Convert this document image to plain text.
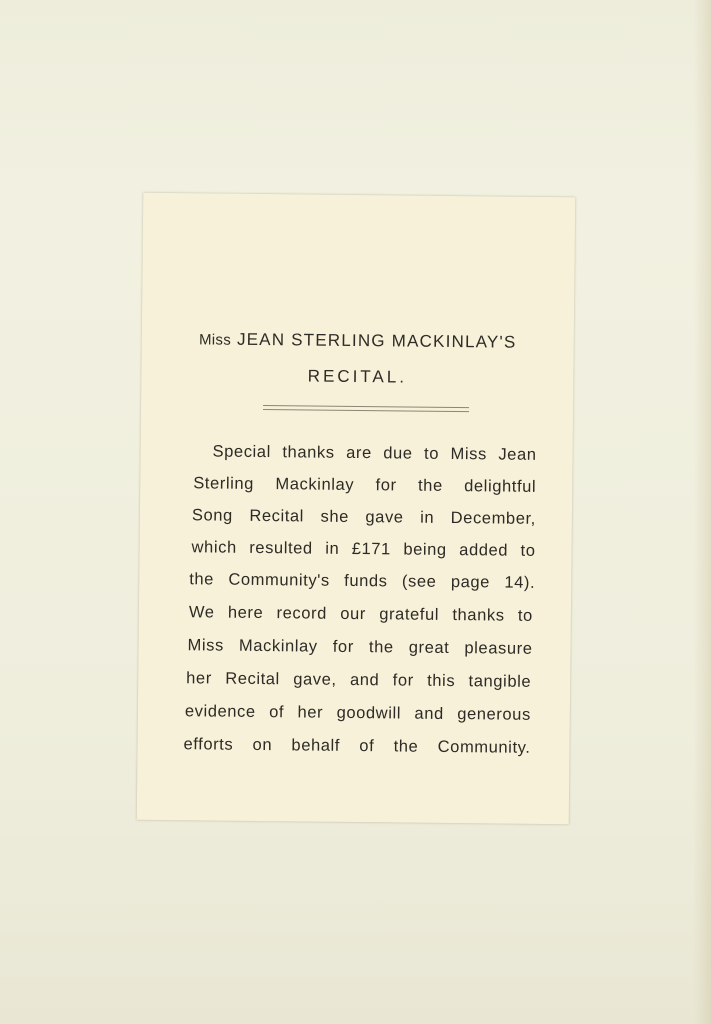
Miss JEAN STERLING MACKINLAY'S
RECITAL.
Special thanks are due to Miss Jean
Sterling Mackinlay for the delightful
Song Recital she gave in December,
which resulted in £171 being added to
the Community's funds (see page 14).
We here record our grateful thanks to
Miss Mackinlay for the great pleasure
her Recital gave, and for this tangible
evidence of her goodwill and generous
efforts on behalf of the Community.
